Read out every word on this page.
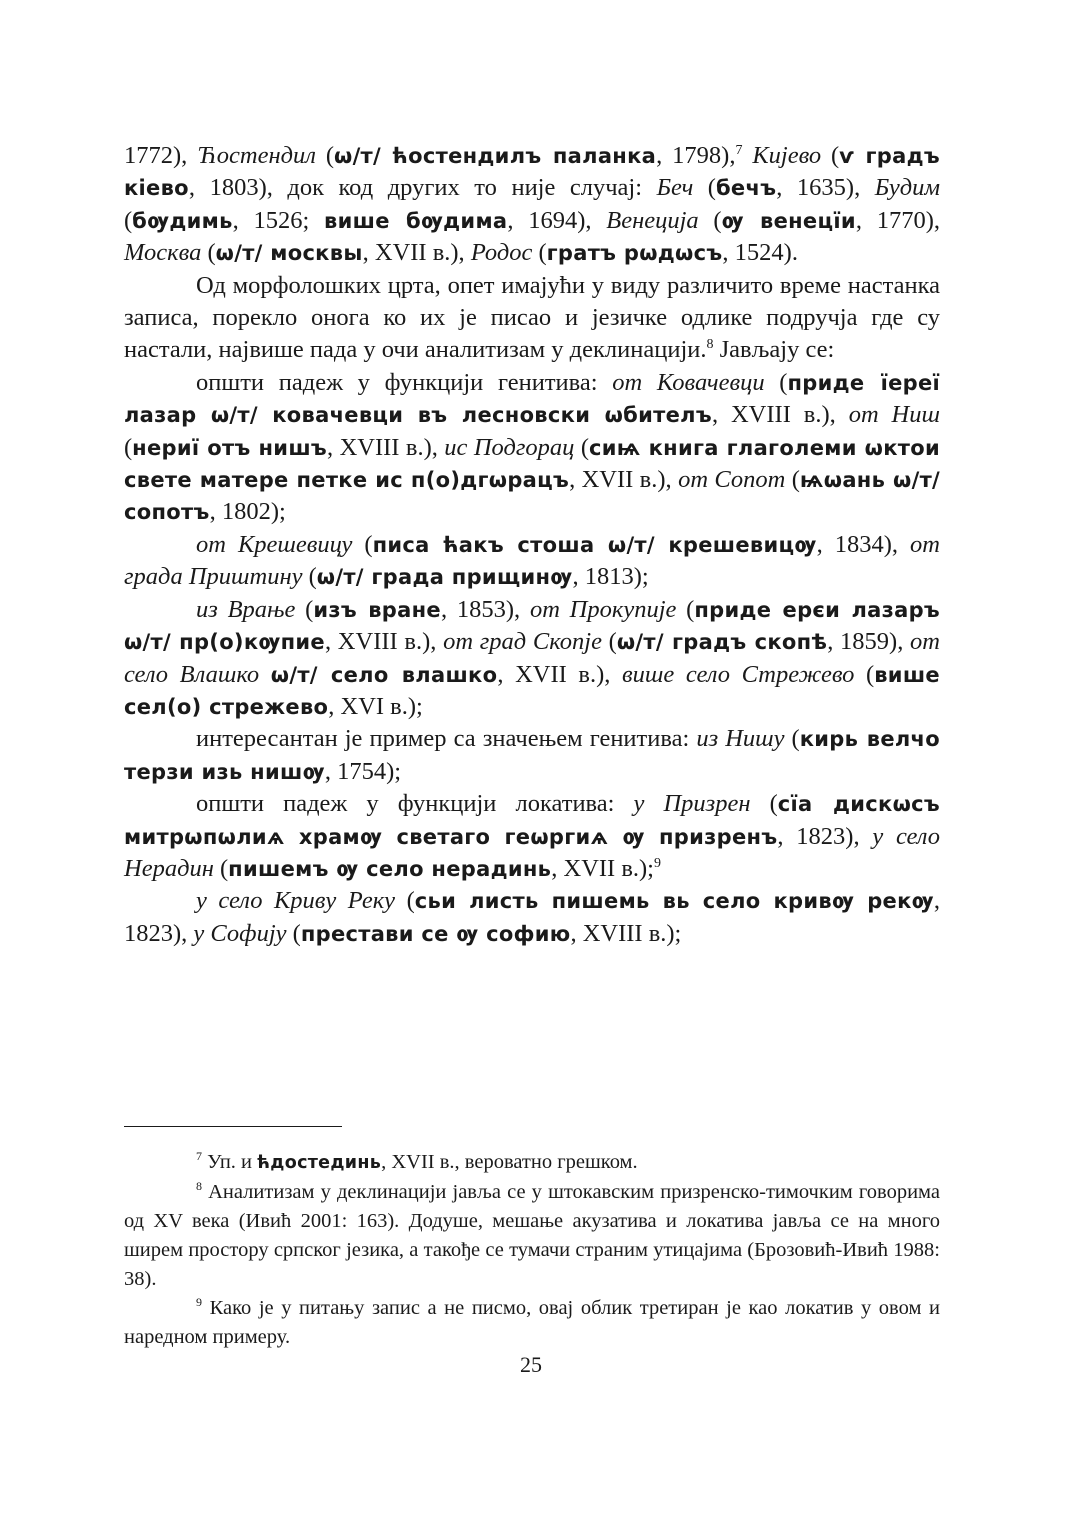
1772), Ћостендил (ѡ/т/ ћостендилъ паланка, 1798),$^7$ Кијево (ѵ градъ кіево, 1803), док код других то није случај: Беч (бечъ, 1635), Будим (бѹдимь, 1526; више бѹдима, 1694), Венеција (ѹ венецїи, 1770), Москва (ѡ/т/ москвы, XVII в.), Родос (гратъ рѡдѡсъ, 1524).

Од морфолошких црта, опет имајући у виду различито време настанка записа, порекло онога ко их је писао и језичке одлике подручја где су настали, највише пада у очи аналитизам у деклинацији.$^8$ Јављају се:

општи падеж у функцији генитива: от Ковачевци (приде їереї лазар ѡ/т/ ковачевци въ лесновски ѡбителъ, XVIII в.), от Ниш (нериї отъ нишъ, XVIII в.), ис Подгорац (сиѩ книга глаголеми ѡктои свете матере петке ис п(о)дгѡрацъ, XVII в.), от Сопот (ѩѡань ѡ/т/ сопотъ, 1802);

от Крешевицу (писа ћакъ стоша ѡ/т/ крешевицѹ, 1834), от града Приштину (ѡ/т/ града прищинѹ, 1813);

из Врање (изъ вране, 1853), от Прокупије (приде ерєи лазаръ ѡ/т/ пр(о)кѹпие, XVIII в.), от град Скопје (ѡ/т/ градъ скопѣ, 1859), от село Влашко ѡ/т/ село влашко, XVII в.), више село Стрежево (више сел(о) стрежево, XVI в.);

интересантан је пример са значењем генитива: из Нишу (кирь велчо терзи изь нишѹ, 1754);

општи падеж у функцији локатива: у Призрен (сїа дискѡсъ митрѡпѡлиѧ храмѹ светаго геѡргиѧ ѹ призренъ, 1823), у село Нерадин (пишемъ ѹ село нерадинь, XVII в.);$^9$

у село Криву Реку (сьи листь пишемь вь село кривѹ рекѹ, 1823), у Софију (престави се ѹ софию, XVIII в.);

$^7$ Уп. и ћдостединь, XVII в., вероватно грешком.

$^8$ Аналитизам у деклинацији јавља се у штокавским призренско-тимочким говорима од XV века (Ивић 2001: 163). Додуше, мешање акузатива и локатива јавља се на много ширем простору српског језика, а такође се тумачи страним утицајима (Брозовић-Ивић 1988: 38).

$^9$ Како је у питању запис а не писмо, овај облик третиран је као локатив у овом и наредном примеру.

25
